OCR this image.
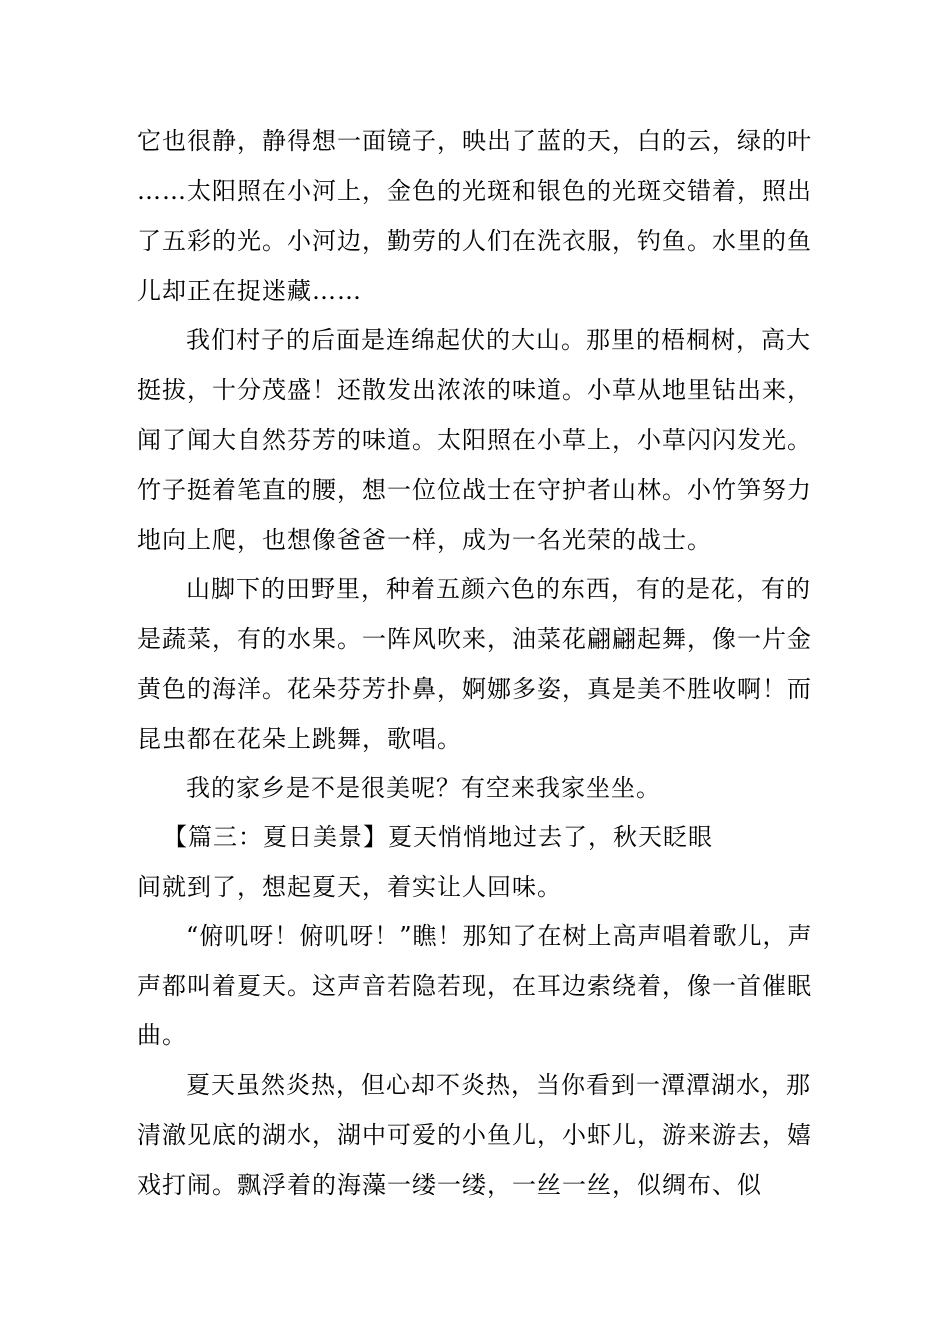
它也很静，静得想一面镜子，映出了蓝的天，白的云，绿的叶
……太阳照在小河上，金色的光斑和银色的光斑交错着，照出
了五彩的光。小河边，勤劳的人们在洗衣服，钓鱼。水里的鱼
儿却正在捉迷藏……
我们村子的后面是连绵起伏的大山。那里的梧桐树，高大
挺拔，十分茂盛！还散发出浓浓的味道。小草从地里钻出来，
闻了闻大自然芬芳的味道。太阳照在小草上，小草闪闪发光。
竹子挺着笔直的腰，想一位位战士在守护者山林。小竹笋努力
地向上爬，也想像爸爸一样，成为一名光荣的战士。
山脚下的田野里，种着五颜六色的东西，有的是花，有的
是蔬菜，有的水果。一阵风吹来，油菜花翩翩起舞，像一片金
黄色的海洋。花朵芬芳扑鼻，婀娜多姿，真是美不胜收啊！而
昆虫都在花朵上跳舞，歌唱。
我的家乡是不是很美呢？有空来我家坐坐。
【篇三：夏日美景】夏天悄悄地过去了，秋天眨眼
间就到了，想起夏天，着实让人回味。
“俯叽呀！俯叽呀！”瞧！那知了在树上高声唱着歌儿，声
声都叫着夏天。这声音若隐若现，在耳边索绕着，像一首催眠
曲。
夏天虽然炎热，但心却不炎热，当你看到一潭潭湖水，那
清澈见底的湖水，湖中可爱的小鱼儿，小虾儿，游来游去，嬉
戏打闹。飘浮着的海藻一缕一缕，一丝一丝，似绸布、似
